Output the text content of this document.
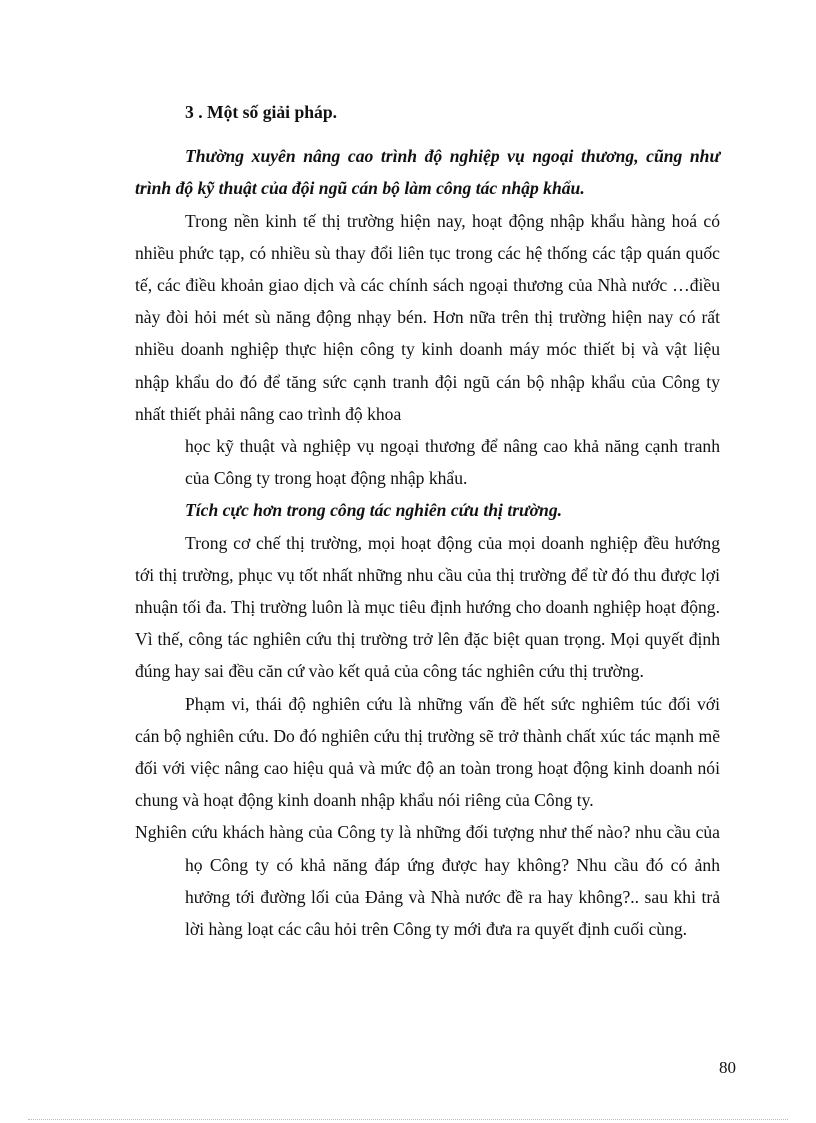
3 . Một số giải pháp.

Thường xuyên nâng cao trình độ nghiệp vụ ngoại thương, cũng như trình độ kỹ thuật của đội ngũ cán bộ làm công tác nhập khẩu.

Trong nền kinh tế thị trường hiện nay, hoạt động nhập khẩu hàng hoá có nhiều phức tạp, có nhiều sù thay đổi liên tục trong các hệ thống các tập quán quốc tế, các điều khoản giao dịch và các chính sách ngoại thương của Nhà nước …điều này đòi hỏi mét sù năng động nhạy bén. Hơn nữa trên thị trường hiện nay có rất nhiều doanh nghiệp thực hiện công ty kinh doanh máy móc thiết bị và vật liệu nhập khẩu do đó để tăng sức cạnh tranh đội ngũ cán bộ nhập khẩu của Công ty nhất thiết phải nâng cao trình độ khoa

học kỹ thuật và nghiệp vụ ngoại thương để nâng cao khả năng cạnh tranh của Công ty trong hoạt động nhập khẩu.

Tích cực hơn trong công tác nghiên cứu thị trường.

Trong cơ chế thị trường, mọi hoạt động của mọi doanh nghiệp đều hướng tới thị trường, phục vụ tốt nhất những nhu cầu của thị trường để từ đó thu được lợi nhuận tối đa. Thị trường luôn là mục tiêu định hướng cho doanh nghiệp hoạt động. Vì thế, công tác nghiên cứu thị trường trở lên đặc biệt quan trọng. Mọi quyết định đúng hay sai đều căn cứ vào kết quả của công tác nghiên cứu thị trường.

Phạm vi, thái độ nghiên cứu là những vấn đề hết sức nghiêm túc đối với cán bộ nghiên cứu. Do đó nghiên cứu thị trường sẽ trở thành chất xúc tác mạnh mẽ đối với việc nâng cao hiệu quả và mức độ an toàn trong hoạt động kinh doanh nói chung và hoạt động kinh doanh nhập khẩu nói riêng của Công ty.

Nghiên cứu khách hàng của Công ty là những đối tượng như thế nào? nhu cầu của họ Công ty có khả năng đáp ứng được hay không? Nhu cầu đó có ảnh hưởng tới đường lối của Đảng và Nhà nước đề ra hay không?.. sau khi trả lời hàng loạt các câu hỏi trên Công ty mới đưa ra quyết định cuối cùng.

80
